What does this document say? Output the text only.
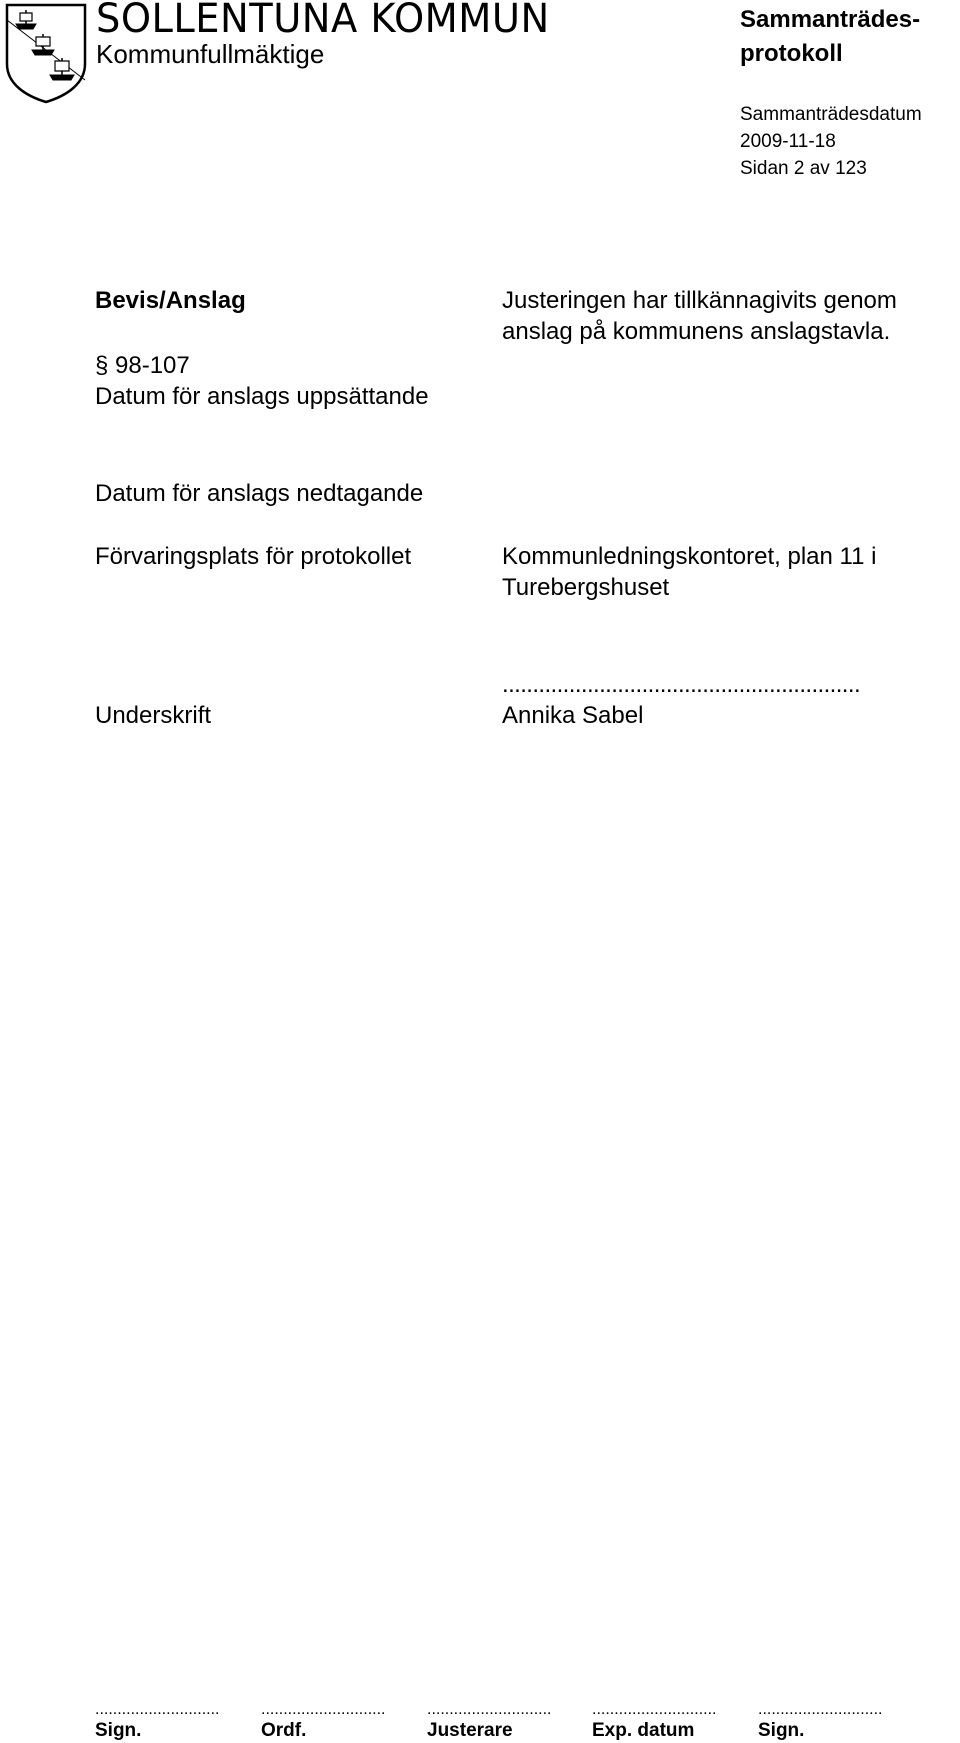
SOLLENTUNA KOMMUN
Kommunfullmäktige
Sammanträdes-
protokoll
Sammanträdesdatum
2009-11-18
Sidan 2 av 123
Bevis/Anslag
§ 98-107
Datum för anslags uppsättande
Justeringen har tillkännagivits genom
anslag på kommunens anslagstavla.
Datum för anslags nedtagande
Förvaringsplats för protokollet	Kommunledningskontoret, plan 11 i
Turebergshuset
...........................................................
Underskrift	Annika Sabel
............................
Sign.
............................
Ordf.
............................
Justerare
............................
Exp. datum
............................
Sign.
